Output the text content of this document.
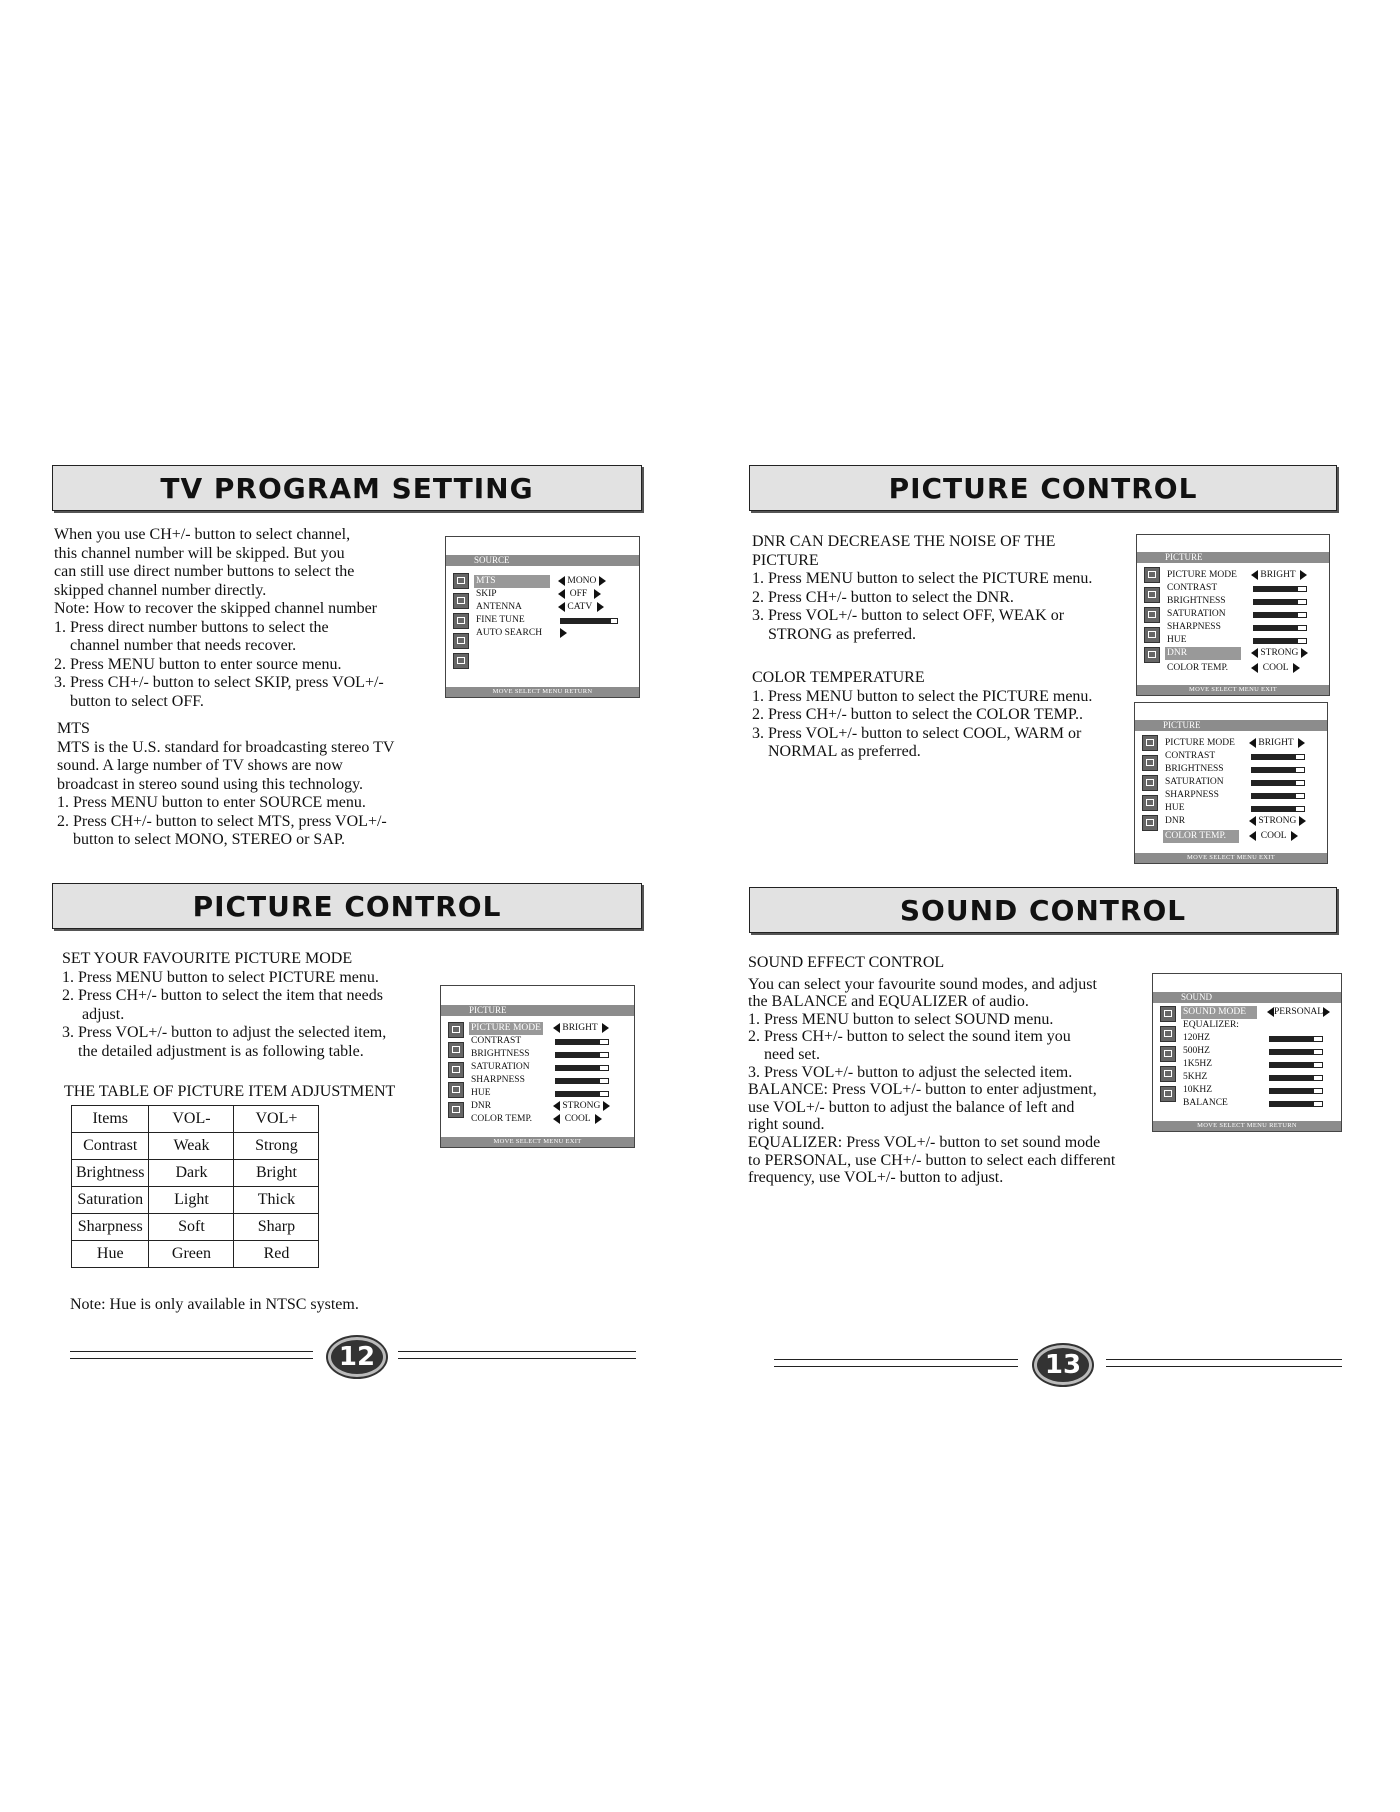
TV PROGRAM SETTING
When you use CH+/- button to select channel,
this channel number will be skipped. But you
can still use direct number buttons to select the
skipped channel number directly.
Note: How to recover the skipped channel number
1. Press direct number buttons to select the
channel number that needs recover.
2. Press MENU button to enter source menu.
3. Press CH+/- button to select SKIP, press VOL+/-
button to select OFF.
MTS
MTS is the U.S. standard for broadcasting stereo TV
sound. A large number of TV shows are now
broadcast in stereo sound using this technology.
1. Press MENU button to enter SOURCE menu.
2. Press CH+/- button to select MTS, press VOL+/-
button to select MONO, STEREO or SAP.
SOURCE
MTS	MONO
SKIP	OFF
ANTENNA	CATV
FINE TUNE
AUTO SEARCH
MOVE SELECT MENU RETURN
PICTURE CONTROL
SET YOUR FAVOURITE PICTURE MODE
1. Press MENU button to select PICTURE menu.
2. Press CH+/- button to select the item that needs
adjust.
3. Press VOL+/- button to adjust the selected item,
the detailed adjustment is as following table.
THE TABLE OF PICTURE ITEM ADJUSTMENT
Items	VOL-	VOL+
Contrast	Weak	Strong
Brightness	Dark	Bright
Saturation	Light	Thick
Sharpness	Soft	Sharp
Hue	Green	Red
Note: Hue is only available in NTSC system.
PICTURE
PICTURE MODE	BRIGHT
CONTRAST
BRIGHTNESS
SATURATION
SHARPNESS
HUE
DNR	STRONG
COLOR TEMP.	COOL
MOVE SELECT MENU EXIT
12
PICTURE CONTROL
DNR CAN DECREASE THE NOISE OF THE
PICTURE
1. Press MENU button to select the PICTURE menu.
2. Press CH+/- button to select the DNR.
3. Press VOL+/- button to select OFF, WEAK or
STRONG as preferred.
COLOR TEMPERATURE
1. Press MENU button to select the PICTURE menu.
2. Press CH+/- button to select the COLOR TEMP..
3. Press VOL+/- button to select COOL, WARM or
NORMAL as preferred.
PICTURE
PICTURE MODE	BRIGHT
CONTRAST
BRIGHTNESS
SATURATION
SHARPNESS
HUE
DNR	STRONG
COLOR TEMP.	COOL
MOVE SELECT MENU EXIT
PICTURE
PICTURE MODE	BRIGHT
CONTRAST
BRIGHTNESS
SATURATION
SHARPNESS
HUE
DNR	STRONG
COLOR TEMP.	COOL
MOVE SELECT MENU EXIT
SOUND CONTROL
SOUND EFFECT CONTROL
You can select your favourite sound modes, and adjust
the BALANCE and EQUALIZER of audio.
1. Press MENU button to select SOUND menu.
2. Press CH+/- button to select the sound item you
need set.
3. Press VOL+/- button to adjust the selected item.
BALANCE: Press VOL+/- button to enter adjustment,
use VOL+/- button to adjust the balance of left and
right sound.
EQUALIZER: Press VOL+/- button to set sound mode
to PERSONAL, use CH+/- button to select each different
frequency, use VOL+/- button to adjust.
SOUND
SOUND MODE	PERSONAL
EQUALIZER:
120HZ
500HZ
1K5HZ
5KHZ
10KHZ
BALANCE
MOVE SELECT MENU RETURN
13
